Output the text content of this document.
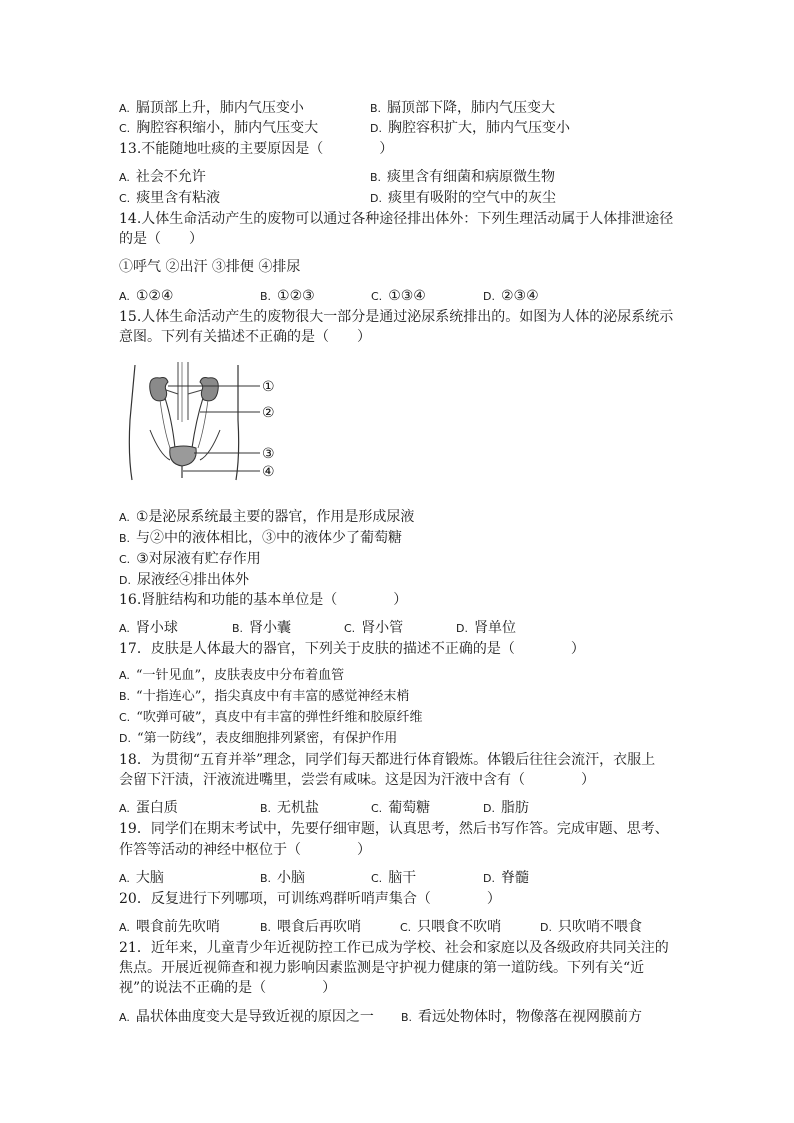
A. 膈顶部上升，肺内气压变小	B. 膈顶部下降，肺内气压变大
C. 胸腔容积缩小，肺内气压变大	D. 胸腔容积扩大，肺内气压变小
13.不能随地吐痰的主要原因是（　　　　）
A. 社会不允许	B. 痰里含有细菌和病原微生物
C. 痰里含有粘液	D. 痰里有吸附的空气中的灰尘
14.人体生命活动产生的废物可以通过各种途径排出体外：下列生理活动属于人体排泄途径
的是（　　）
①呼气 ②出汗 ③排便 ④排尿
A. ①②④	B. ①②③	C. ①③④	D. ②③④
15.人体生命活动产生的废物很大一部分是通过泌尿系统排出的。如图为人体的泌尿系统示
意图。下列有关描述不正确的是（　　）
①
②
③
④
A. ①是泌尿系统最主要的器官，作用是形成尿液
B. 与②中的液体相比，③中的液体少了葡萄糖
C. ③对尿液有贮存作用
D. 尿液经④排出体外
16.肾脏结构和功能的基本单位是（　　　　）
A. 肾小球	B. 肾小囊	C. 肾小管	D. 肾单位
17．皮肤是人体最大的器官，下列关于皮肤的描述不正确的是（　　　　）
A. “一针见血”，皮肤表皮中分布着血管
B. “十指连心”，指尖真皮中有丰富的感觉神经末梢
C. “吹弹可破”，真皮中有丰富的弹性纤维和胶原纤维
D. “第一防线”，表皮细胞排列紧密，有保护作用
18．为贯彻“五育并举”理念，同学们每天都进行体育锻炼。体锻后往往会流汗，衣服上
会留下汗渍，汗液流进嘴里，尝尝有咸味。这是因为汗液中含有（　　　　）
A. 蛋白质	B. 无机盐	C. 葡萄糖	D. 脂肪
19．同学们在期末考试中，先要仔细审题，认真思考，然后书写作答。完成审题、思考、
作答等活动的神经中枢位于（　　　　）
A. 大脑	B. 小脑	C. 脑干	D. 脊髓
20．反复进行下列哪项，可训练鸡群听哨声集合（　　　　）
A. 喂食前先吹哨	B. 喂食后再吹哨	C. 只喂食不吹哨	D. 只吹哨不喂食
21．近年来，儿童青少年近视防控工作已成为学校、社会和家庭以及各级政府共同关注的
焦点。开展近视筛查和视力影响因素监测是守护视力健康的第一道防线。下列有关“近
视”的说法不正确的是（　　　　）
A. 晶状体曲度变大是导致近视的原因之一 B. 看远处物体时，物像落在视网膜前方
